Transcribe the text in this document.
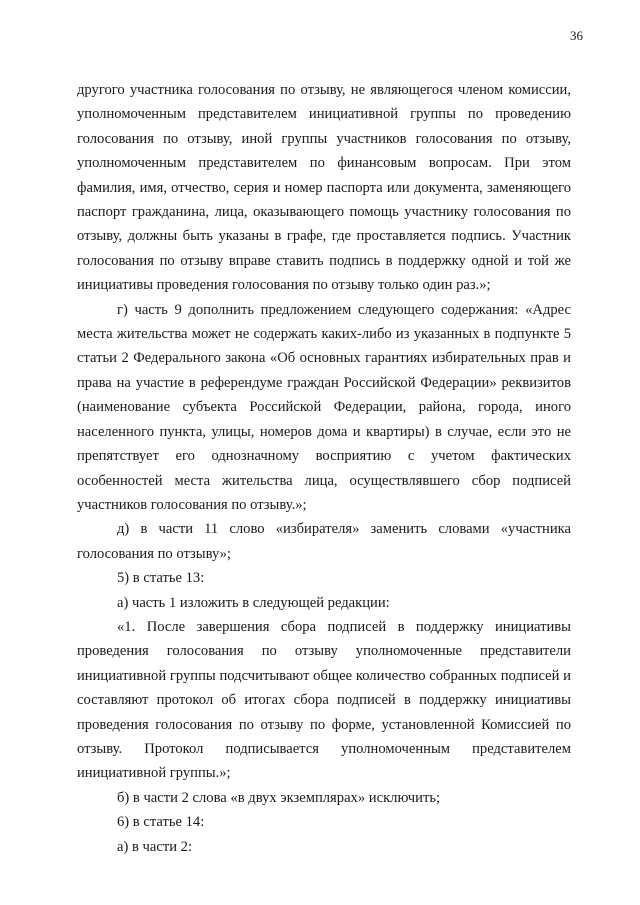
36

другого участника голосования по отзыву, не являющегося членом комиссии, уполномоченным представителем инициативной группы по проведению голосования по отзыву, иной группы участников голосования по отзыву, уполномоченным представителем по финансовым вопросам. При этом фамилия, имя, отчество, серия и номер паспорта или документа, заменяющего паспорт гражданина, лица, оказывающего помощь участнику голосования по отзыву, должны быть указаны в графе, где проставляется подпись. Участник голосования по отзыву вправе ставить подпись в поддержку одной и той же инициативы проведения голосования по отзыву только один раз.»;

г) часть 9 дополнить предложением следующего содержания: «Адрес места жительства может не содержать каких-либо из указанных в подпункте 5 статьи 2 Федерального закона «Об основных гарантиях избирательных прав и права на участие в референдуме граждан Российской Федерации» реквизитов (наименование субъекта Российской Федерации, района, города, иного населенного пункта, улицы, номеров дома и квартиры) в случае, если это не препятствует его однозначному восприятию с учетом фактических особенностей места жительства лица, осуществлявшего сбор подписей участников голосования по отзыву.»;

д) в части 11 слово «избирателя» заменить словами «участника голосования по отзыву»;

5) в статье 13:

а) часть 1 изложить в следующей редакции:

«1. После завершения сбора подписей в поддержку инициативы проведения голосования по отзыву уполномоченные представители инициативной группы подсчитывают общее количество собранных подписей и составляют протокол об итогах сбора подписей в поддержку инициативы проведения голосования по отзыву по форме, установленной Комиссией по отзыву. Протокол подписывается уполномоченным представителем инициативной группы.»;

б) в части 2 слова «в двух экземплярах» исключить;

6) в статье 14:

а) в части 2:
